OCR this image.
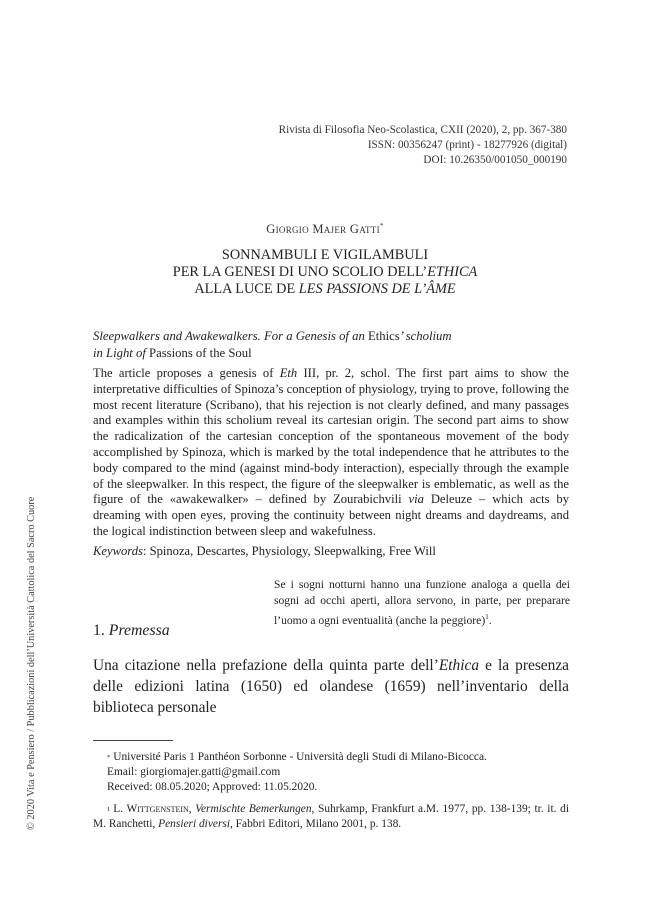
Rivista di Filosofia Neo-Scolastica, CXII (2020), 2, pp. 367-380
ISSN: 00356247 (print) - 18277926 (digital)
DOI: 10.26350/001050_000190
Giorgio Majer Gatti*
SONNAMBULI E VIGILAMBULI
PER LA GENESI DI UNO SCOLIO DELL’ETHICA
ALLA LUCE DE LES PASSIONS DE L’ÂME
Sleepwalkers and Awakewalkers. For a Genesis of an Ethics’ scholium
in Light of Passions of the Soul
The article proposes a genesis of Eth III, pr. 2, schol. The first part aims to show the interpretative difficulties of Spinoza’s conception of physiology, trying to prove, following the most recent literature (Scribano), that his rejection is not clearly defined, and many passages and examples within this scholium reveal its cartesian origin. The second part aims to show the radicalization of the cartesian conception of the spontaneous movement of the body accomplished by Spinoza, which is marked by the total independence that he attributes to the body compared to the mind (against mind-body interaction), especially through the example of the sleepwalker. In this respect, the figure of the sleepwalker is emblematic, as well as the figure of the «awakewalker» – defined by Zourabichvili via Deleuze – which acts by dreaming with open eyes, proving the continuity between night dreams and daydreams, and the logical indistinction between sleep and wakefulness.
Keywords: Spinoza, Descartes, Physiology, Sleepwalking, Free Will
Se i sogni notturni hanno una funzione analoga a quella dei sogni ad occhi aperti, allora servono, in parte, per preparare l’uomo a ogni eventualità (anche la peggiore)$^1$.
1. Premessa
Una citazione nella prefazione della quinta parte dell’Ethica e la presenza delle edizioni latina (1650) ed olandese (1659) nell’inventario della biblioteca personale
* Université Paris 1 Panthéon Sorbonne - Università degli Studi di Milano-Bicocca.
Email: giorgiomajer.gatti@gmail.com
Received: 08.05.2020; Approved: 11.05.2020.
$^1$ L. Wittgenstein, Vermischte Bemerkungen, Suhrkamp, Frankfurt a.M. 1977, pp. 138-139; tr. it. di M. Ranchetti, Pensieri diversi, Fabbri Editori, Milano 2001, p. 138.
© 2020 Vita e Pensiero / Pubblicazioni dell’Università Cattolica del Sacro Cuore
